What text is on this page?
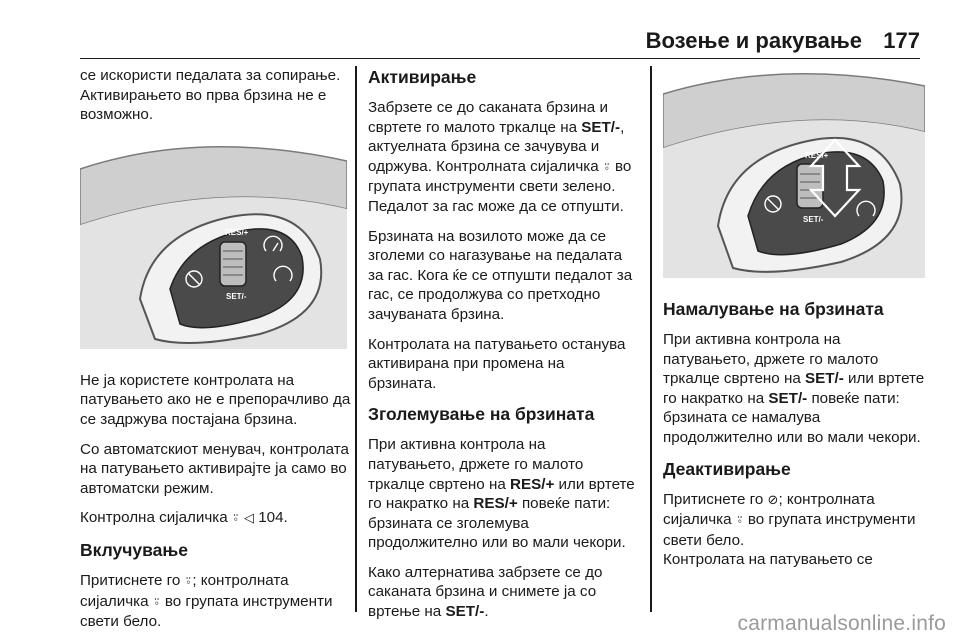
Возење и ракување 177

се искористи педалата за сопирање. Активирањето во прва брзина не е возможно.

RES/+
SET/-

Не ја користете контролата на патувањето ако не е препорачливо да се задржува постајана брзина.

Со автоматскиот менувач, контролата на патувањето активирајте ја само во автоматски режим.

Контролна сијаличка ⍤ ◁ 104.

Вклучување

Притиснете го ⍤; контролната сијаличка ⍤ во групата инструменти свети бело.

Активирање

Забрзете се до саканата брзина и свртете го малото тркалце на SET/-, актуелната брзина се зачувува и одржува. Контролната сијаличка ⍤ во групата инструменти свети зелено.
Педалот за гас може да се отпушти.

Брзината на возилото може да се зголеми со нагазување на педалата за гас. Кога ќе се отпушти педалот за гас, се продолжува со претходно зачуваната брзина.

Контролата на патувањето останува активирана при промена на брзината.

Зголемување на брзината

При активна контрола на патувањето, држете го малото тркалце свртено на RES/+ или вртете го накратко на RES/+ повеќе пати: брзината се зголемува продолжително или во мали чекори.

Како алтернатива забрзете се до саканата брзина и снимете ја со вртење на SET/-.

RES/+
SET/-
Намалување на брзината

При активна контрола на патувањето, држете го малото тркалце свртено на SET/- или вртете го накратко на SET/- повеќе пати: брзината се намалува продолжително или во мали чекори.

Деактивирање

Притиснете го ⊘; контролната сијаличка ⍤ во групата инструменти свети бело.
Контролата на патувањето се

carmanualsonline.info
